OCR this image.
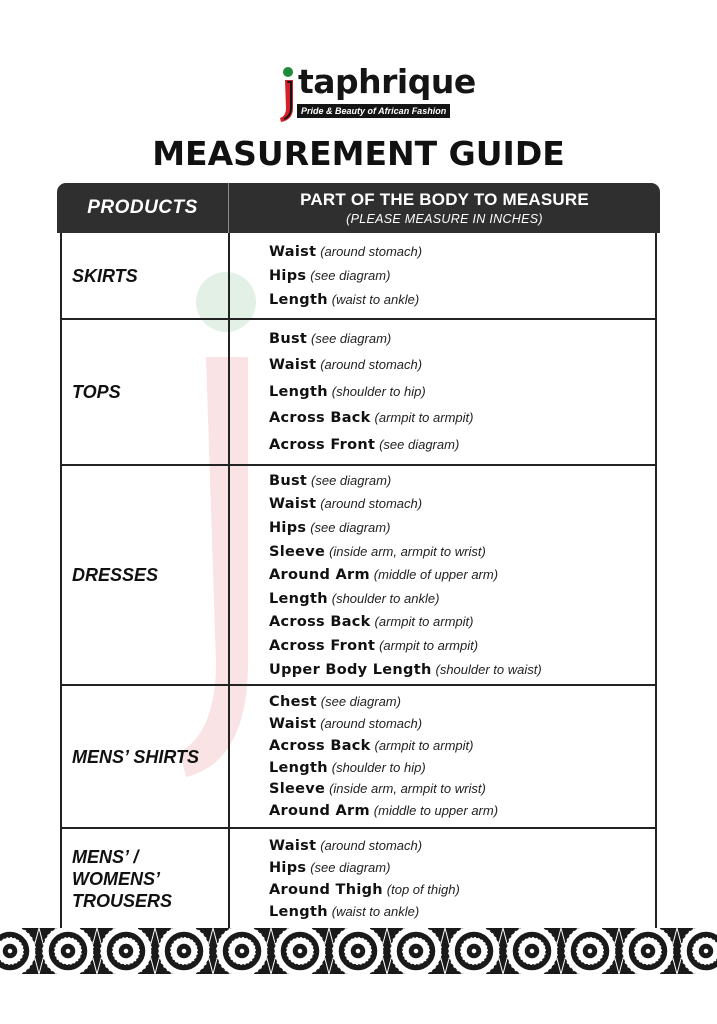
taphrique
Pride & Beauty of African Fashion
MEASUREMENT GUIDE
PRODUCTS	PART OF THE BODY TO MEASURE
(PLEASE MEASURE IN INCHES)
SKIRTS
Waist (around stomach)
Hips (see diagram)
Length (waist to ankle)
TOPS
Bust (see diagram)
Waist (around stomach)
Length (shoulder to hip)
Across Back (armpit to armpit)
Across Front (see diagram)
DRESSES
Bust (see diagram)
Waist (around stomach)
Hips (see diagram)
Sleeve (inside arm, armpit to wrist)
Around Arm (middle of upper arm)
Length (shoulder to ankle)
Across Back (armpit to armpit)
Across Front (armpit to armpit)
Upper Body Length (shoulder to waist)
MENS’ SHIRTS
Chest (see diagram)
Waist (around stomach)
Across Back (armpit to armpit)
Length (shoulder to hip)
Sleeve (inside arm, armpit to wrist)
Around Arm (middle to upper arm)
MENS’ / WOMENS’ TROUSERS
Waist (around stomach)
Hips (see diagram)
Around Thigh (top of thigh)
Length (waist to ankle)
